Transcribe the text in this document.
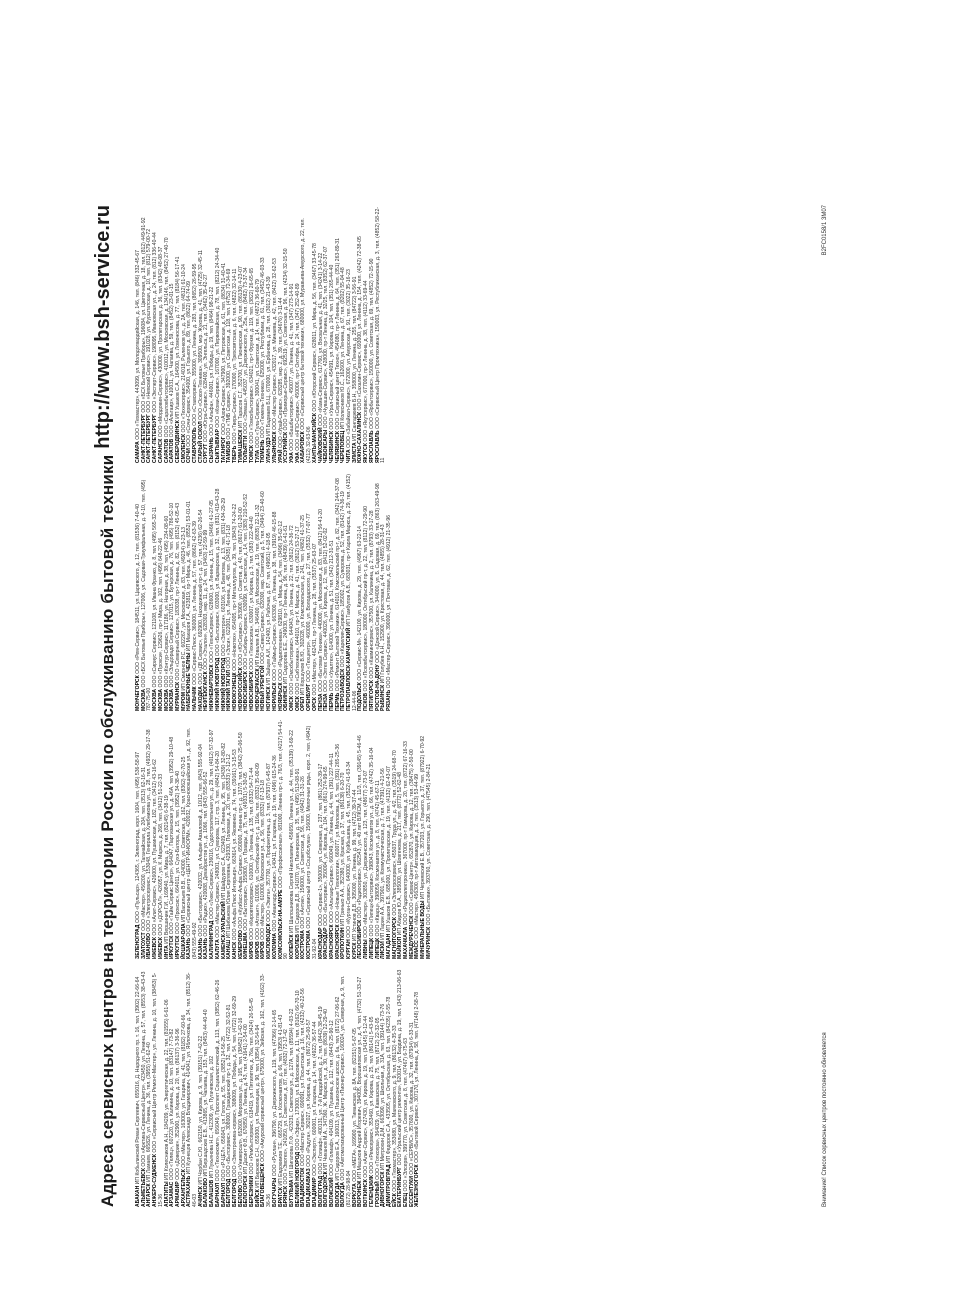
Адреса сервисных центров на территории России по обслуживанию бытовой техники
http://www.bsh-service.ru

АБАКАН ИП Кобылинский Роман Сергеевич, 655016, Д. Народного пр. т. 16, тел. (3902) 22-66-64

АЛЬМЕТЬЕВСК ООО «Арктика-Сервисный Центр», 423450, ул. Ленина, д. 57, тел. (8553) 38-43-43

АНГАРСК ИП Ламаев, 665826, ул. Ленина, д. 36, тел. (3955) 51-62-40 АНЖЕРО-СУДЖЕНСК ООО «Сервисный Центр Ремонт-Мастер», ул. Ленина, д. 10, тел. (38453) 5-15-36 АПАТИТЫ ИП Колесников А.Н., 184209, ул. Энергетическая, д. 22, тел. (81555) 6-61-06

АРЗАМАС ООО «Телец», 607220, ул. Калинина, д. 10, тел. (83147) 7-73-82

АРМАВИР ООО «Доверие», 352900, ул. Кирова, д. 20, тел. (86137) 3-36-96

АРХАНГЕЛЬСК ООО «Мастер», 163000, ул. Гагарина, д. 41, тел. (8182) 27-60-66

АСТРАХАНЬ ИП Кузнецов Александр Владимирович, 414041, ул. Яблочкова, д. 34, тел. (8512) 36-46-03 АЧИНСК ИП Чорбан С.Ю., 662150, ул. Кирова, д. 9, тел. (39151) 7-42-22

БАЛАКОВО ИП Бершадских Е.В., 413865, ул. Чапаева, д. 153, тел. (8453) 44-40-40

БАЛАШОВ ИП Лукьянова Н.С., 412309, ул. Пугачевская, д. 102

БАРНАУЛ ООО «Технокомп», 656049, Проспект Социалистический, д. 113, тел. (3852) 62-46-26

БАРНАУЛ ООО «Р-ЦЕЛ», 656043, ул. Гоголя, д. 55, тел. (3852) 24-56-25

БЕЛГОРОД ООО «Бытсервис», 308000, Гражданский пр-т, д. 32, тел. (4722) 32-52-81

БЕЛГОРОД ООО «Электроника-сервис», 308009, ул. Победы, д. 54, тел. (4722) 32-69-29

БЕЛОВО ООО «Универсал», 652600, Морозова ул., д. 165, тел. (38452) 2-42-16

БЕЛОГОРСК ИП Дасинт Ф.В., 676850, ул. Ленина, д. 43, тел. (41641) 2-54-00

БЕРЕЗНИКИ ООО «Рембытсервис», 618419, ул. Пятилетки, д. 76а, тел. (3424) 26-55-45

БИЙСК ИП Бирюков С.Н., 659300, ул. Революции, д. 90, тел. (3854) 32-54-94 БЛАГОВЕЩЕНСК ООО «Амурский сервисный центр», 675000, ул. Зейская, д. 162, тел. (4162) 33-36-36 БОГУЧАРЫ ООО «Руслан», 396790, ул. Дзержинского, д. 119, тел. (47366) 2-14-65

БРАТСК ИП Евдокимов Т.Е., 665729, ул. Космонавтов, д. 66, тел. (3953) 41-81-43

БРЯНСК ООО «Эвотех», 241050, ул. Советская, д. 87, тел. (4832) 72-17-42

БУГУЛЬМА ИП Шигапова Л.Ф., 423231, Советская ул., д. 127А, тел. (85594) 4-03-22

ВЕЛИКИЙ НОВГОРОД ООО «Эфир», 173000, ул. Б.Московская, д. 11, тел. (8162) 66-70-10

ВЛАДИВОСТОК ООО «Мастер Сервис», 690091, ул. Посьетская, д. 16, тел. (4232) 40-22-56

ВЛАДИКАВКАЗ ООО «Радуга», 362027, ул. Кирова, д. 44, тел. (8672) 25-00-57

ВЛАДИМИР ООО «Эксперт», 600001, ул. Гагарина, д. 14, тел. (4922) 36-57-44

ВОЛГОГРАД ООО «Голиаф», 400131, ул. 7-й Гвардейской, д. 2, тел. (8442) 38-45-19

ВОЛГОДОНСК ИП Чиканов М.А., 347360, Ж. Маркса ул., д. 30, тел. (8639) 22-29-40

ВОЛЖСКИЙ ООО «Голиаф», 404109, ул. Пушкина, д. 112, тел. (8443) 25-90-12

ВОЛОГДА ИП Сидоров Е.А., 160013, ул. Пошехонское шоссе, д. 6а, тел. (8172) 27-06-62

ВОЛОГДА ООО «Автоматизированный Центр «Пионер-Сервис», 160024, ул. Северная, д. 9, тел. (8172) 28-98-94 ВОРКУТА ООО «МЕГА», 169900, ул. Тиманская, д. 8А, тел. (82151) 5-67-05

ВОРОНЕЖ ИП Мацоков Андрей Игоревич, 394005, Ворошиловская ул., д. 4, тел. (4732) 51-33-27

ВОТКИНСК ООО «Алит-Сервис», 427430, ул. Кирова, д. 19, тел. (34145) 5-12-44

ГЕЛЕНДЖИК ООО «Ремсервис», 353460, ул. Кирова, д. 25, тел. (86141) 5-43-05

ГРОЗНЫЙ ООО «Топксера», 364029, ул. Кавказская, д. 75, тел. (8712) 22-32-05

ДИВНОГОРСК ИП Митрохин Д.М., 663090, ул. Школьная, д. 31А, тел. (39144) 3-73-76

ДИМИТРОВГРАД ИП Федоров С.А., 433505, ул. Октябрьская, д. 63, тел. (84235) 2-55-78

ЕЙСК ООО «Техмастер», 353680, ул. Маяковского, д. 9, тел. (86132) 4-35-33 ЕКАТЕРИНБУРГ ООО «Уральский центр ремонта», 620014, ул. Бардина, д. 19, тел. (343) 213-06-63

ЕЛЕЦ ООО «Элсерв», 399770, ул. Советская, д. 8, тел. (47467) 6-75-63 ЕССЕНТУКИ ООО «СЕРВИС», 357600, ул. Кирова, д. 32, тел. (87934) 6-33-31

ЖЕЛЕЗНОГОРСК ООО «Бытовой Сервис», 307170, ул. Ленина, д. 58, тел. (47148) 2-58-78

ЗЕЛЕНОГРАД ООО «Пульсар», 124365, г. Зеленоград, корп. 1604, тел. (495) 536-58-97

ЗЛАТОУСТ ООО «Мастер», 456200, ул. Таганайская, д. 204, тел. (3513) 62-16-31

ИВАНОВО ООО «Электросервис», 153048, Генерала Хлебникова ул., д. 28, тел. (4932) 29-17-38

ИЖЕВСК ООО «Алит-Сервис», 426000, ул. Пушкинская, д. 182, тел. (3412) 43-16-62

ИЖЕВСК ООО «ДОРСАЛ», 426057, ул. К. Маркса, д. 268, тел. (3412) 51-22-33

ИНТА ИП Вершинин Г.И., 169840, ул. Мира, д. 7, тел. (82145) 6-38-19

ИРКУТСК ООО «Тайм Сервис Центр», 664047, Партизанская ул., д. 46А, тел. (3952) 29-10-48

ИРКУТСК ООО «Проксис», 664011, ул. Сухэ-Батора, д. 15, тел. (3952) 34-38-40

ЙОШКАР-ОЛА ИП Васильев В.В., 424000, ул. Советская, д. 162, тел. (8362) 42-70-25

КАЗАНЬ ООО «Сервисный центр «ЦЕНТР-ИНФОРМ», 420032, Краснококшайская ул., д. 92, тел. (843) 555-49-92 КАЗАНЬ ООО «Бытсервис», 420032, ул. Альфия Авзаловой, д. 10/12, тел. (843) 555-92-04

КАЗАНЬ ООО «Радио», 420088, Декабристов ул., д. 1066, тел. (843) 555-66-52

КАЛИНИНГРАД ООО «Люкс-Сервис», 236016, Судостроительная ул., д. 29, тел. (4012) 57-32-97

КАЛУГА ООО «Мастер-Сервис», 248001, ул. Суворова, 117, стр. 3, тел. (4842) 54-84-20 КАМЕНСК-УРАЛЬСКИЙ ИП Шайдуров С.А., 623409, ул. Ленина, д. 95, тел. (3439) 32-80-82

КАНАШ ИП Шибанова Юлия Сергеевна, 429330, Полковая, д. 20, тел. (83533) 2-12-12

КАНСК ООО «Альфа Плюс Интерьер», 663614, ул. Яковенко, д. 74, тел. (39161) 3-15-53

КЕМЕРОВО ООО «Кузбасс-Альфа Сервис», 650000, Ленина пр-т, д. 137/3, тел. (3842) 25-06-50

КИНЕШМА ООО «Бытсервис», 155800, ул. Правды, д. 75, тел. (49331) 5-30-05

КИРОВ ООО «Кировтехсервис», 610000, ул. Ленина, д. 135, тел. (8332) 54-71-44

КИРОВ ООО «Атлант», 610006, ул. Октябрьский пр-т, д. 116а, тел. (8332) 35-00-09

КИРОВ ООО «Мастер», 610000, Московская ул., д. 56, тел. (8332) 67-13-18 КИСЛОВОДСК ООО «Эвита», 357700, ул. Профинтерна, д. 3, тел. (87937) 6-45-87

КОЛОМНА ООО «Авангард-Сервис», 140411, ул. Гагарина, д. 19, тел. (496) 615-24-36 КОМСОМОЛЬСК-НА-АМУРЕ ООО «Профессионал», 681000, Ленина пр-т, д. 76/3, тел. (4217) 54-41-90 КОПЕЙСК ИП Шапошникова Сергей Николаевич, 456650, Ленина ул., д. 44, тел. (35139) 3-69-22

КОРОЛЕВ ИП Сидоров Д.В., 141070, ул. Пионерская, д. 35, тел. (495) 513-08-91

КОСТРОМА ООО «Антик», 156000, ул. Советская, д. 56, тел. (4942) 31-31-26

КОСТРОМА ООО «Сервисный центр «Соцобслужа», 156000, Мелочные ряды, корп. 2, тел. (4942) 31-92-04 КРАСНОДАР ООО «Сервис-1», 350000, ул. Северная, д. 237, тел. (861) 252-39-17

КРАСНОДАР ООО «Бытсервис», 350004, ул. Кирова, д. 104, тел. (861) 274-99-65

КРАСНОЯРСК ООО «Альтаир-Сервис», 660049, ул. Ленина, д. 44, тел. (391) 227-44-11

КРАСНОЯРСК ООО «Новые Технологии», 660077, ул. Молокова, д. 5, тел. (391) 265-25-36

КРОПОТКИН ИП Гринько А.А., 352380, ул. Красная, д. 37, тел. (86138) 6-20-70

КУРГАН ООО «Курган-Сервис», 640000, ул. Куйбышева, д. 45, тел. (3522) 41-63-34

КУРСК ИП Устинов Д.В., 305000, ул. Ленина, д. 99, тел. (4712) 39-37-44 ЛЕСОСИБИРСК ООО «Радиосервис», 662543, ул. 40 лет ВЛКСМ, д. 11/3, тел. (39145) 5-46-46

ЛИВНЫ ООО «Мастер», 303850, ул. Дзержинского, д. 123, тел. (48677) 2-73-07

ЛИПЕЦК ООО «Липецк-Бытсервис», 398043, Космонавтов ул., д. 66, тел. (4742) 35-16-04

ЛИПЕЦК ООО «Кварц», 398059, Космонавтов ул., д. 8, тел. (4742) 45-67-11

ЛИСКИ ИП Ларин А.А., 397901, ул. Коммунистическая, д. 7, тел. (47391) 4-21-56

МАГАДАН ИП Ушаков Е.В., 685000, ул. Пролетарская, д. 19, тел. (4132) 62-43-07

МАГНИТОГОРСК ООО «Электросервис», 455037, Труда ул., д. 4/2, тел. (3519) 24-68-70

МАЙКОП ИП Абидов Ю.А., 385000, ул. Шовгенова, д. 217, тел. (8772) 52-62-48

МАХАЧКАЛА ООО «Радиоэлектроника», 367000, пр-т Гамидова, д. 20, тел. (8722) 67-16-33

МЕЖДУРЕЧЕНСК ООО «Сервис-Центр», 652870, ул. Кирова, д. 12, тел. (38475) 2-50-00

МИАСС ООО «Мастер», 456300, пр-т Автозаводцев, д. 2, тел. (3513) 53-44-99 МИНЕРАЛЬНЫЕ ВОДЫ ИП Чернявский Е.В., 357203, ул. Горького, д. 37, тел. (87922) 6-70-92

МИЧУРИНСК ООО «Бытовик», 393760, ул. Советская, д. 290, тел. (47545) 2-84-21

МОНЧЕГОРСК ООО «Рем-Сервис», 184511, ул. Царевского, д. 12, тел. (81536) 7-40-40

МОСКВА ООО «БСХ Бытовые Приборы», 127006, ул. Садовая-Триумфальная, д. 4-10, тел. (495) 787-75-00 МОСКВА ООО «Сириус Сервис», 121108, ул. Ивана Франко, д. 8, тел. (495) 565-32-11

МОСКВА ООО «Прокси», 129626, пр-т Мира, д. 102, тел. (495) 648-22-46

МОСКВА ООО «Контур-Сервис», 117186, ул. Нагорная, д. 38, тел. (495) 234-08-60

МОСКВА ООО «Эльдорадо Сервис», 127015, ул. Бутырская, д. 76, тел. (495) 786-52-10

МУРМАНСК ООО «Северный Сервис», 183038, пр-т Ленина, д. 82, тел. (8152) 45-05-43

МУРОМ ИП Смирнов Р.С., 602267, ул. Московская, д. 83, тел. (49234) 3-23-13 НАБЕРЕЖНЫЕ ЧЕЛНЫ ИП Макаров Г.А., 423819, пр-т Мира, д. 46, тел. (8552) 53-01-01

НАЛЬЧИК ООО «Сервис-Плюс», 360000, ул. Ленина, д. 57, тел. (8662) 42-63-39

НАХОДКА ООО «ДВ Сервис», 692900, Находкинский пр-т, д. 57, тел. (4236) 62-26-54

НЕФТЕЮГАНСК ООО «Эталон», 628303, мкр. 11, д. 24, тел. (3463) 22-59-99

НИЖНЕВАРТОВСК ООО «ТехноСервис», 628600, ул. Ленина, д. 15, тел. (3466) 41-27-05

НИЖНИЙ НОВГОРОД ООО «Бытсервис», 603000, ул. Варварская, д. 32, тел. (831) 419-43-28

НИЖНИЙ НОВГОРОД ООО «Электрон», 603106, ул. Бекетова, д. 13, тел. (831) 434-29-29

НИЖНИЙ ТАГИЛ ООО «Элси», 622001, ул. Ленина, д. 48, тел. (3435) 41-71-18

НОВОКУЗНЕЦК ООО «Новотех», 654005, пр-т Металлургов, д. 39, тел. (3843) 74-24-22

НОВОРОССИЙСК ООО «ЮгСервис», 353900, ул. Советов, д. 40, тел. (8617) 61-20-00

НОВОСИБИРСК ООО «Сибирь-Сервис», 630099, ул. Советская, д. 14, тел. (383) 210-52-52

НОВОСИБИРСК ООО «Техносила», 630007, ул. Кирова, д. 3, тел. (383) 222-40-40

НОВОЧЕРКАССК ИП Ковалев А.В., 346400, ул. Московская, д. 19, тел. (8635) 22-11-32

НОВЫЙ УРЕНГОЙ ООО «Север Сервис», 629300, мкр. Советский, д. 5, тел. (3494) 23-40-60

НОГИНСК ИП Зайцев А.И., 142400, ул. Рабочая, д. 87, тел. (49651) 4-18-05

НОРИЛЬСК ООО «Таймыр-Сервис», 663300, ул. Ленина, д. 38, тел. (3919) 46-15-88

НОЯБРЬСК ООО «Радиотехника», 629810, ул. Мира, д. 54, тел. (3496) 35-62-12

ОБНИНСК ИП Сидорова Е.Е., 249030, пр-т Ленина, д. 96, тел. (48439) 6-41-61

ОМСК ООО «Омскбытсервис», 644043, ул. Ленина, д. 22, тел. (3812) 24-36-72

ОМСК ООО «Сибтехника», 644010, пр-т К. Маркса, д. 41, тел. (3812) 53-27-17

ОРЕЛ ИП Коршунов В.Ю., 302028, ул. Комсомольская, д. 241, тел. (4862) 41-37-25

ОРЕНБУРГ ООО «Техцентр», 460000, ул. Володарского, д. 27, тел. (3532) 77-07-77

ОРСК ООО «Мастер», 462431, пр-т Ленина, д. 28, тел. (3537) 25-63-07

ПЕНЗА ООО «Бытовая Техника», 440000, ул. Московская, д. 83, тел. (8412) 56-41-20

ПЕНЗА ООО «Элтех Сервис», 440026, ул. Кирова, д. 12, тел. (8412) 52-02-02

ПЕРМЬ ООО «Уралтех», 614000, ул. Ленина, д. 51, тел. (342) 212-31-51

ПЕРМЬ ООО «Ремонт Бытовой Техники», 614010, Комсомольский пр-т, д. 82, тел. (342) 244-37-08 ПЕТРОЗАВОДСК ООО «Карелия-Сервис», 185002, ул. Суворова, д. 52, тел. (8142) 74-36-19

ПЕТРОПАВЛОВСК-КАМЧАТСКИЙ ИП Тамбулов А.В., 683031, пр-т Карла Маркса, д. 29, тел. (4152) 12-44-06 ПОДОЛЬСК ООО «Сервис-М», 142100, ул. Кирова, д. 29, тел. (4967) 63-22-14

ПСКОВ ООО «Псковбытсервис», 180000, Октябрьский пр-т, д. 22, тел. (8112) 72-29-90

ПЯТИГОРСК ООО «Кавминсервис», 357500, ул. Калинина, д. 2, тел. (8793) 33-17-28

РОСТОВ-НА-ДОНУ ООО «Донской Сервис», 344000, ул. Б. Садовая, д. 69, тел. (863) 263-49-98

РЫБИНСК ИП Голубев А.Н., 152900, ул. Крестовая, д. 44, тел. (4855) 28-31-43

РЯЗАНЬ ООО «Мастер-Сервис», 390000, ул. Почтовая, д. 62, тел. (4912) 21-35-96

САМАРА ООО «Техмастер», 443099, ул. Молодогвардейская, д. 146, тел. (846) 332-45-67 САНКТ-ПЕТЕРБУРГ ООО «БСХ Бытовые Приборы», 196084, ул. Цветочная, д. 18, тел. (812) 449-91-92

САНКТ-ПЕТЕРБУРГ ООО «Невский Сервис», 191028, ул. Фурштатская, д. 10, тел. (812) 579-00-72

САНКТ-ПЕТЕРБУРГ ООО «Эксперт-Сервис», 198095, Ивановская ул., д. 24, тел. (812) 336-40-44

САРАНСК ООО «Мордовия-Сервис», 430000, ул. Пролетарская, д. 36, тел. (8342) 48-08-37

САРАТОВ ООО «Саратовбытсервис», 410012, ул. Московская, д. 134/146, тел. (8452) 27-40-70

САРАТОВ ООО «Альтаир», 410031, ул. Чапаева, д. 59, тел. (8452) 23-01-15

СЕВЕРОДВИНСК ИП Ушаков С.А., 164500, ул. Ломоносова, д. 77, тел. (8184) 56-17-41

СМОЛЕНСК ООО «Техносервис», 214018, Рыленков ул., д. 2А, тел. (4812) 61-10-24

СОЧИ ООО «Сочи-Сервис», 354000, ул. Горького, д. 89, тел. (8622) 64-74-09 СТАВРОПОЛЬ ООО «Ставсервис», 355000, ул. Ленина, д. 283, тел. (8652) 26-59-95

СТАРЫЙ ОСКОЛ ООО «Оскол-Техника», 309500, мкр. Жукова, д. 41, тел. (4725) 32-45-11

СУРГУТ ООО «Югра-Сервис», 628400, ул. Энгельса, д. 21, тел. (3462) 35-42-27

СЫЗРАНЬ ООО «Альфа», 446001, ул. Победы, д. 19, тел. (8464) 98-21-22

СЫКТЫВКАР ООО «Коми-Сервис», 167000, ул. Первомайская, д. 78, тел. (8212) 24-34-40

ТАГАНРОГ ООО «Азов-Сервис», 347900, ул. Петровская, д. 61, тел. (8634) 31-40-41

ТАМБОВ ООО «ТМБ Сервис», 392000, ул. Советская, д. 118, тел. (4752) 72-34-69

ТВЕРЬ ООО «Тверь-Сервис», 170000, ул. Трехсвятская, д. 6, тел. (4822) 32-14-11

ТИМАШЕВСК ИП Тарасов С.Г., 352700, ул. Пионерская, д. 90, тел. (86130) 4-23-07

ТОЛЬЯТТИ ООО «Элмаш», 445037, ул. Дзержинского, д. 25а, тел. (8482) 73-37-34

ТОМСК ООО «Томскбытсервис», 634021, пр-т Фрунзе, д. 119, тел. (3822) 26-65-65

ТУЛА ООО «Тула-Сервис», 300041, ул. Советская, д. 14, тел. (4872) 36-60-79

ТЮМЕНЬ ООО «Тюмень-Техника», 625000, ул. Республики, д. 61, тел. (3452) 46-03-33

УЛАН-УДЭ ИП Бадмаев Б.Ц., 670000, ул. Ербанова, д. 28, тел. (3012) 21-43-39

УЛЬЯНОВСК ООО «Мастер Сервис», 432017, ул. Минаева, д. 42, тел. (8422) 32-62-53

УРАЙ ООО «Урай-Сервис», 628285, мкр. 2, д. 39, тел. (34676) 3-11-44 УССУРИЙСК ООО «Приморье-Сервис», 692519, ул. Советская, д. 96, тел. (4234) 32-15-50

УФА ООО «Башбытсервис», 450077, ул. Ленина, д. 41, тел. (347) 273-14-91

УФА ООО «НПО-Сервис», 450006, пр-т Октября, д. 24, тел. (347) 252-40-89 ХАБАРОВСК ООО «Сервисный центр бытовой техники», 680000, ул. Муравьева-Амурского, д. 22, тел. (4212) 32-63-06 ХАНТЫ-МАНСИЙСК ООО «Югорский Сервис», 628011, ул. Мира, д. 56, тел. (3467) 33-45-78

ЧАЙКОВСКИЙ ООО «Кама-Сервис», 617760, ул. Вокзальная, д. 41, тел. (34241) 3-14-22

ЧЕБОКСАРЫ ООО «Чувашия-Сервис», 428000, пр-т Ленина, д. 32/25, тел. (8352) 62-37-07

ЧЕЛЯБИНСК ООО «Урал-Сервис», 454091, ул. Кирова, д. 104, тел. (351) 265-44-40

ЧЕЛЯБИНСК ООО «Сервисный центр Техно», 454080, пр-т Ленина, д. 64, тел. (351) 263-89-31

ЧЕРЕПОВЕЦ ИП Колесников Ю.С., 162600, ул. Ленина, д. 67, тел. (8202) 55-04-48

ЧИТА ООО «Забайкал-Сервис», 672000, ул. Амурская, д. 91, тел. (3022) 35-16-23

ЭЛИСТА ИП Сангаджиев Б.Н., 358000, ул. Ленина, д. 255, тел. (84722) 3-56-91 ЮЖНО-САХАЛИНСК ООО «Сахалин-Сервис», 693000, ул. Ленина, д. 154, тел. (4242) 72-38-05

ЯКУТСК ООО «Якутсервис», 677000, пр-т Ленина, д. 38, тел. (4112) 33-69-44

ЯРОСЛАВЛЬ ООО «Ярбытсервис», 150000, ул. Советская, д. 69, тел. (4852) 72-15-90

ЯРОСЛАВЛЬ ООО «Сервисный Центр Промтехника», 150003, ул. Республиканская, д. 3, тел. (4852) 58-22-11

Внимание! Список сервисных центров постоянно обновляется
B2FC0158/1 3M07
